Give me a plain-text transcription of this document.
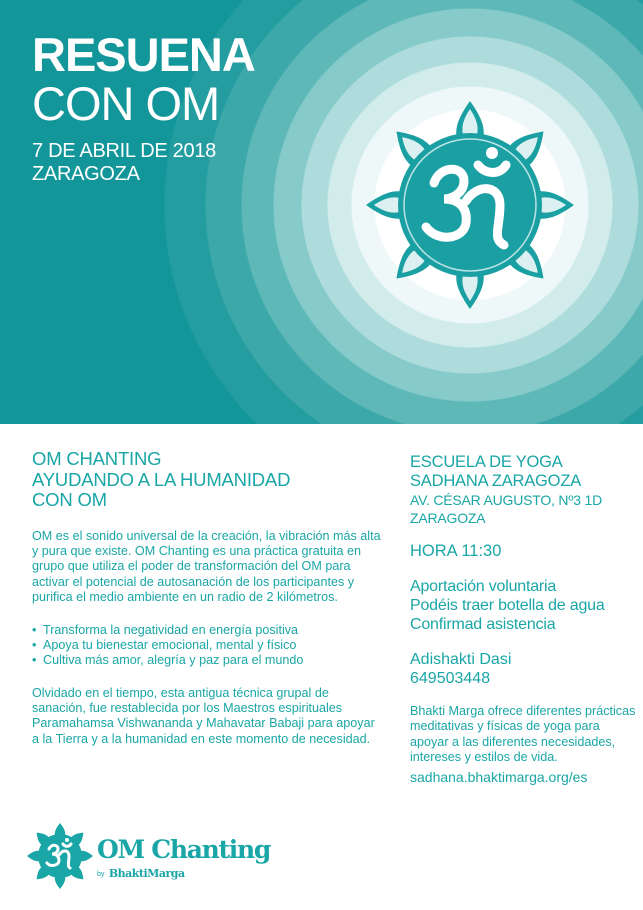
RESUENA
CON OM
7 DE ABRIL DE 2018
ZARAGOZA
OM CHANTING
AYUDANDO A LA HUMANIDAD
CON OM

OM es el sonido universal de la creación, la vibración más alta y pura que existe. OM Chanting es una práctica gratuita en grupo que utiliza el poder de transformación del OM para activar el potencial de autosanación de los participantes y purifica el medio ambiente en un radio de 2 kilómetros.

• Transforma la negatividad en energía positiva
• Apoya tu bienestar emocional, mental y físico
• Cultiva más amor, alegría y paz para el mundo

Olvidado en el tiempo, esta antigua técnica grupal de sanación, fue restablecida por los Maestros espirituales Paramahamsa Vishwananda y Mahavatar Babaji para apoyar a la Tierra y a la humanidad en este momento de necesidad.

ESCUELA DE YOGA
SADHANA ZARAGOZA
AV. CÉSAR AUGUSTO, Nº3 1D
ZARAGOZA
HORA 11:30
Aportación voluntaria
Podéis traer botella de agua
Confirmad asistencia
Adishakti Dasi
649503448

Bhakti Marga ofrece diferentes prácticas meditativas y físicas de yoga para apoyar a las diferentes necesidades, intereses y estilos de vida.

sadhana.bhaktimarga.org/es
OM Chanting
by BhaktiMarga
